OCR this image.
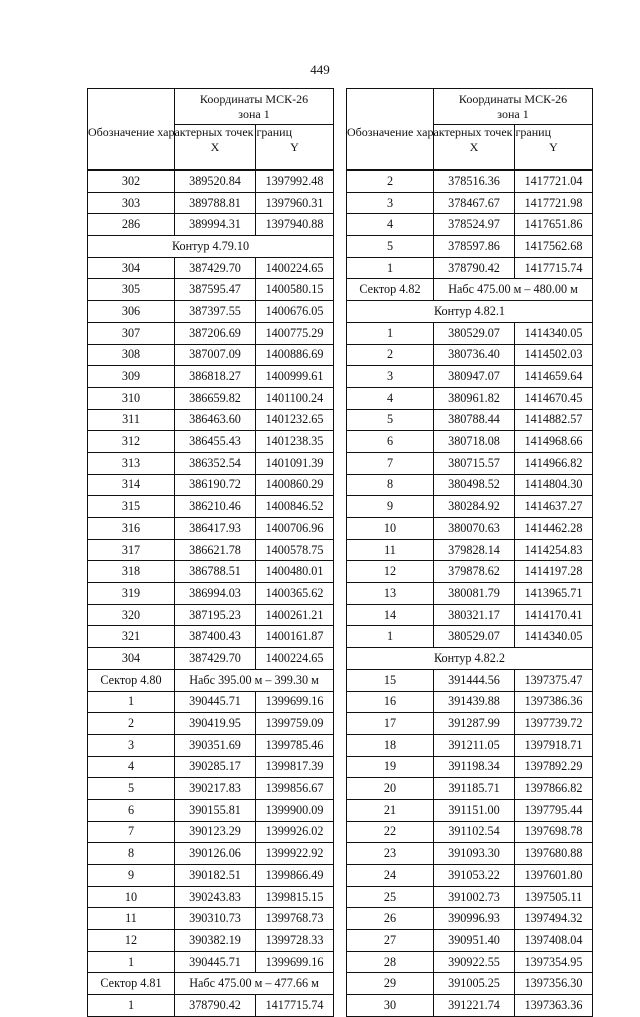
449
Обозначение характерных точек границ	Координаты МСК-26
зона 1	
	X	Y
302	389520.84	1397992.48
303	389788.81	1397960.31
286	389994.31	1397940.88
Контур 4.79.10		
304	387429.70	1400224.65
305	387595.47	1400580.15
306	387397.55	1400676.05
307	387206.69	1400775.29
308	387007.09	1400886.69
309	386818.27	1400999.61
310	386659.82	1401100.24
311	386463.60	1401232.65
312	386455.43	1401238.35
313	386352.54	1401091.39
314	386190.72	1400860.29
315	386210.46	1400846.52
316	386417.93	1400706.96
317	386621.78	1400578.75
318	386788.51	1400480.01
319	386994.03	1400365.62
320	387195.23	1400261.21
321	387400.43	1400161.87
304	387429.70	1400224.65
Сектор 4.80	Набс 395.00 м – 399.30 м	
1	390445.71	1399699.16
2	390419.95	1399759.09
3	390351.69	1399785.46
4	390285.17	1399817.39
5	390217.83	1399856.67
6	390155.81	1399900.09
7	390123.29	1399926.02
8	390126.06	1399922.92
9	390182.51	1399866.49
10	390243.83	1399815.15
11	390310.73	1399768.73
12	390382.19	1399728.33
1	390445.71	1399699.16
Сектор 4.81	Набс 475.00 м – 477.66 м	
1	378790.42	1417715.74
Обозначение характерных точек границ	Координаты МСК-26
зона 1	
	X	Y
2	378516.36	1417721.04
3	378467.67	1417721.98
4	378524.97	1417651.86
5	378597.86	1417562.68
1	378790.42	1417715.74
Сектор 4.82	Набс 475.00 м – 480.00 м	
Контур 4.82.1		
1	380529.07	1414340.05
2	380736.40	1414502.03
3	380947.07	1414659.64
4	380961.82	1414670.45
5	380788.44	1414882.57
6	380718.08	1414968.66
7	380715.57	1414966.82
8	380498.52	1414804.30
9	380284.92	1414637.27
10	380070.63	1414462.28
11	379828.14	1414254.83
12	379878.62	1414197.28
13	380081.79	1413965.71
14	380321.17	1414170.41
1	380529.07	1414340.05
Контур 4.82.2		
15	391444.56	1397375.47
16	391439.88	1397386.36
17	391287.99	1397739.72
18	391211.05	1397918.71
19	391198.34	1397892.29
20	391185.71	1397866.82
21	391151.00	1397795.44
22	391102.54	1397698.78
23	391093.30	1397680.88
24	391053.22	1397601.80
25	391002.73	1397505.11
26	390996.93	1397494.32
27	390951.40	1397408.04
28	390922.55	1397354.95
29	391005.25	1397356.30
30	391221.74	1397363.36
